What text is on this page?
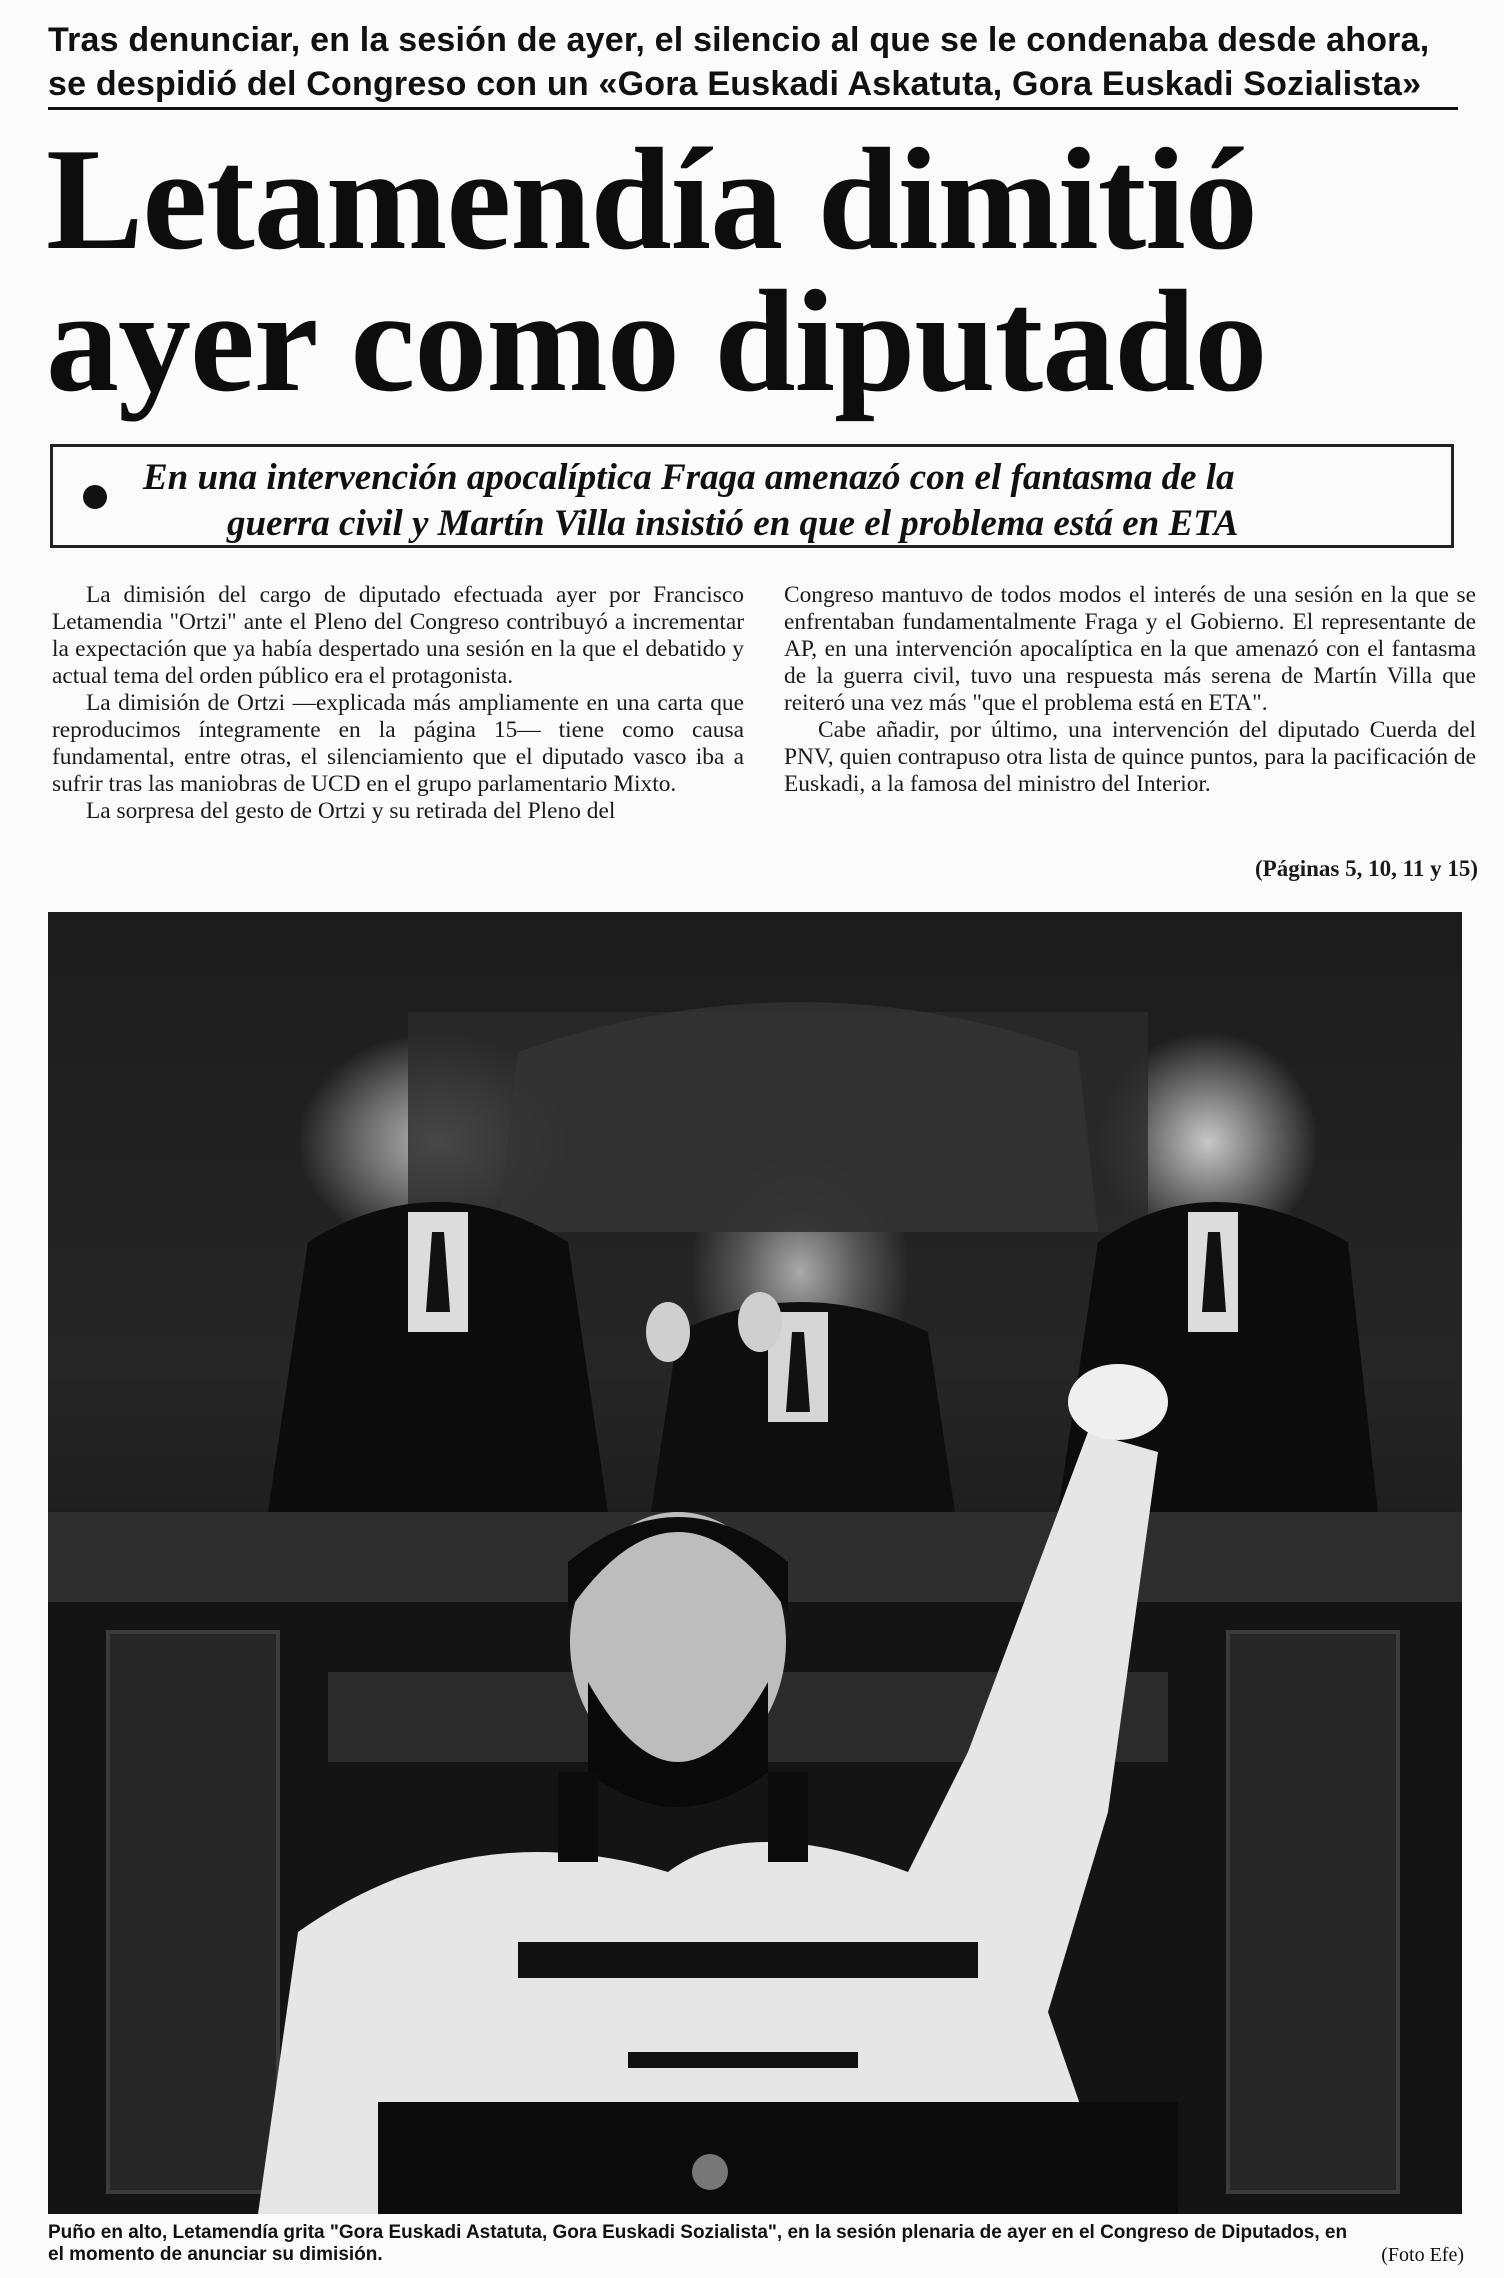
Tras denunciar, en la sesión de ayer, el silencio al que se le condenaba desde ahora,
se despidió del Congreso con un «Gora Euskadi Askatuta, Gora Euskadi Sozialista»
Letamendía dimitió
ayer como diputado
En una intervención apocalíptica Fraga amenazó con el fantasma de la
guerra civil y Martín Villa insistió en que el problema está en ETA

La dimisión del cargo de diputado efectuada ayer por Francisco Letamendia "Ortzi" ante el Pleno del Congreso contribuyó a incrementar la expectación que ya había despertado una sesión en la que el debatido y actual tema del orden público era el protagonista.

La dimisión de Ortzi —explicada más ampliamente en una carta que reproducimos íntegramente en la página 15— tiene como causa fundamental, entre otras, el silenciamiento que el diputado vasco iba a sufrir tras las maniobras de UCD en el grupo parlamentario Mixto.

La sorpresa del gesto de Ortzi y su retirada del Pleno del

Congreso mantuvo de todos modos el interés de una sesión en la que se enfrentaban fundamentalmente Fraga y el Gobierno. El representante de AP, en una intervención apocalíptica en la que amenazó con el fantasma de la guerra civil, tuvo una respuesta más serena de Martín Villa que reiteró una vez más "que el problema está en ETA".

Cabe añadir, por último, una intervención del diputado Cuerda del PNV, quien contrapuso otra lista de quince puntos, para la pacificación de Euskadi, a la famosa del ministro del Interior.

(Páginas 5, 10, 11 y 15)
Puño en alto, Letamendía grita "Gora Euskadi Astatuta, Gora Euskadi Sozialista", en la sesión plenaria de ayer en el Congreso de Diputados, en
el momento de anunciar su dimisión.	(Foto Efe)
